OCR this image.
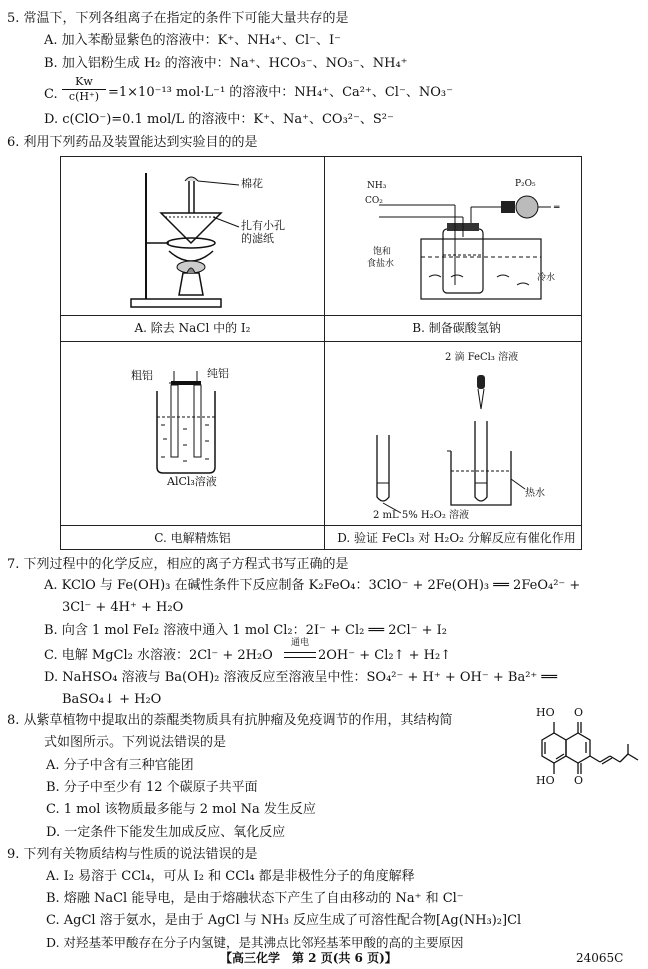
5. 常温下，下列各组离子在指定的条件下可能大量共存的是
A. 加入苯酚显紫色的溶液中：K⁺、NH₄⁺、Cl⁻、I⁻
B. 加入铝粉生成 H₂ 的溶液中：Na⁺、HCO₃⁻、NO₃⁻、NH₄⁺
C.
Kw
c(H⁺) =1×10⁻¹³ mol·L⁻¹ 的溶液中：NH₄⁺、Ca²⁺、Cl⁻、NO₃⁻
D. c(ClO⁻)=0.1 mol/L 的溶液中：K⁺、Na⁺、CO₃²⁻、S²⁻
6. 利用下列药品及装置能达到实验目的的是
A. 除去 NaCl 中的 I₂	B. 制备碳酸氢钠
C. 电解精炼铝	D. 验证 FeCl₃ 对 H₂O₂ 分解反应有催化作用
棉花
扎有小孔
的滤纸
═
NH₃
CO₂
P₂O₅
饱和
食盐水
冷水
粗铝	纯铝
AlCl₃溶液
2 滴 FeCl₃ 溶液
热水
2 mL 5% H₂O₂ 溶液
7. 下列过程中的化学反应，相应的离子方程式书写正确的是
A. KClO 与 Fe(OH)₃ 在碱性条件下反应制备 K₂FeO₄：3ClO⁻ + 2Fe(OH)₃ ══ 2FeO₄²⁻ +
3Cl⁻ + 4H⁺ + H₂O
B. 向含 1 mol FeI₂ 溶液中通入 1 mol Cl₂：2I⁻ + Cl₂ ══ 2Cl⁻ + I₂
C. 电解 MgCl₂ 水溶液：2Cl⁻ + 2H₂O
通电
2OH⁻ + Cl₂↑ + H₂↑
D. NaHSO₄ 溶液与 Ba(OH)₂ 溶液反应至溶液呈中性：SO₄²⁻ + H⁺ + OH⁻ + Ba²⁺ ══
BaSO₄↓ + H₂O
8. 从紫草植物中提取出的萘醌类物质具有抗肿瘤及免疫调节的作用，其结构简
式如图所示。下列说法错误的是
A. 分子中含有三种官能团
B. 分子中至少有 12 个碳原子共平面
C. 1 mol 该物质最多能与 2 mol Na 发生反应
D. 一定条件下能发生加成反应、氧化反应
HO O
HO O
9. 下列有关物质结构与性质的说法错误的是
A. I₂ 易溶于 CCl₄，可从 I₂ 和 CCl₄ 都是非极性分子的角度解释
B. 熔融 NaCl 能导电，是由于熔融状态下产生了自由移动的 Na⁺ 和 Cl⁻
C. AgCl 溶于氨水，是由于 AgCl 与 NH₃ 反应生成了可溶性配合物[Ag(NH₃)₂]Cl
D. 对羟基苯甲酸存在分子内氢键，是其沸点比邻羟基苯甲酸的高的主要原因
【高三化学　第 2 页(共 6 页)】	24065C
